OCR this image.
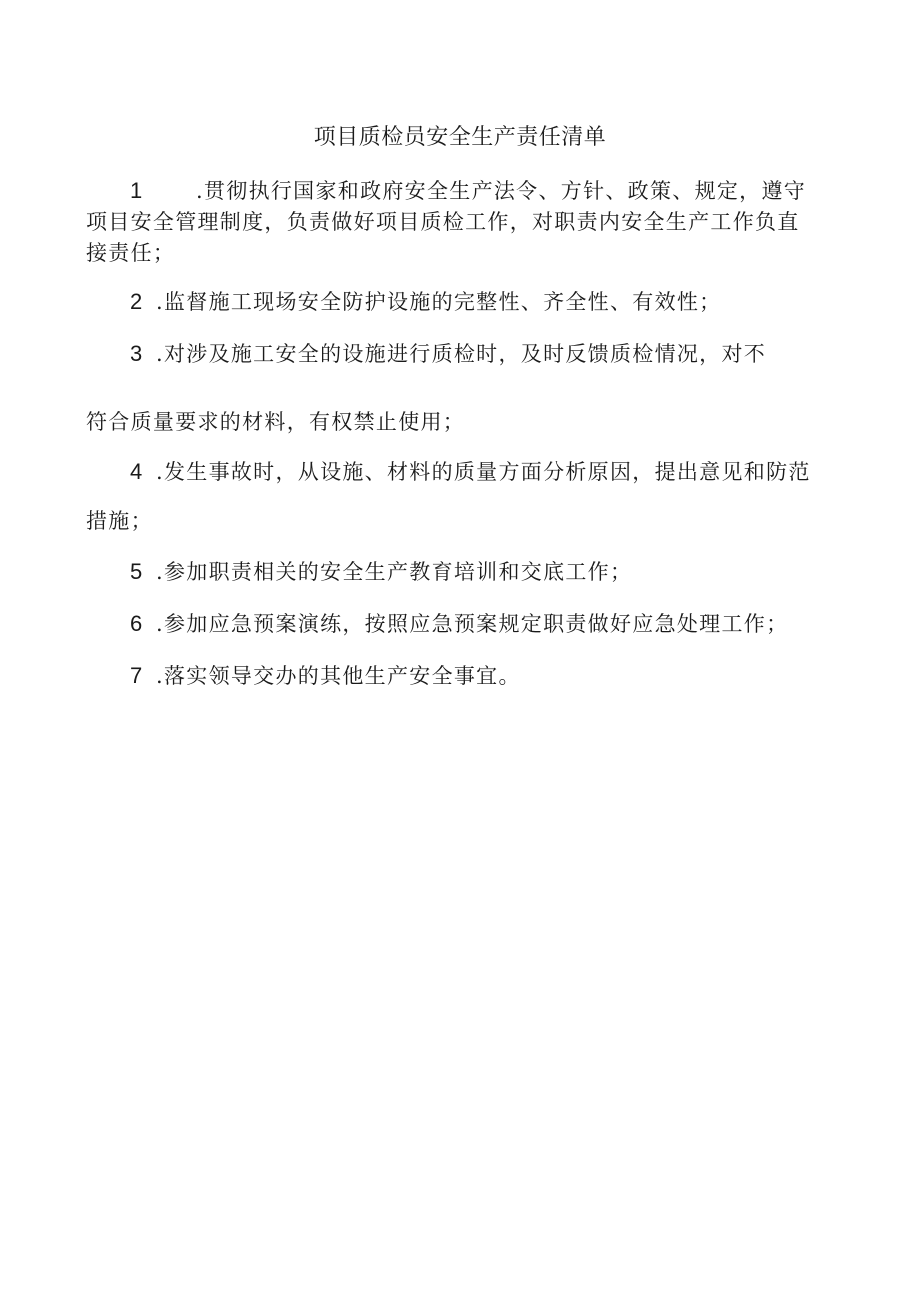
项目质检员安全生产责任清单
1 .贯彻执行国家和政府安全生产法令、方针、政策、规定，遵守
项目安全管理制度，负责做好项目质检工作，对职责内安全生产工作负直
接责任；
2 .监督施工现场安全防护设施的完整性、齐全性、有效性；
3 .对涉及施工安全的设施进行质检时，及时反馈质检情况，对不
符合质量要求的材料，有权禁止使用；
4 .发生事故时，从设施、材料的质量方面分析原因，提出意见和防范
措施；
5 .参加职责相关的安全生产教育培训和交底工作；
6 .参加应急预案演练，按照应急预案规定职责做好应急处理工作；
7 .落实领导交办的其他生产安全事宜。
